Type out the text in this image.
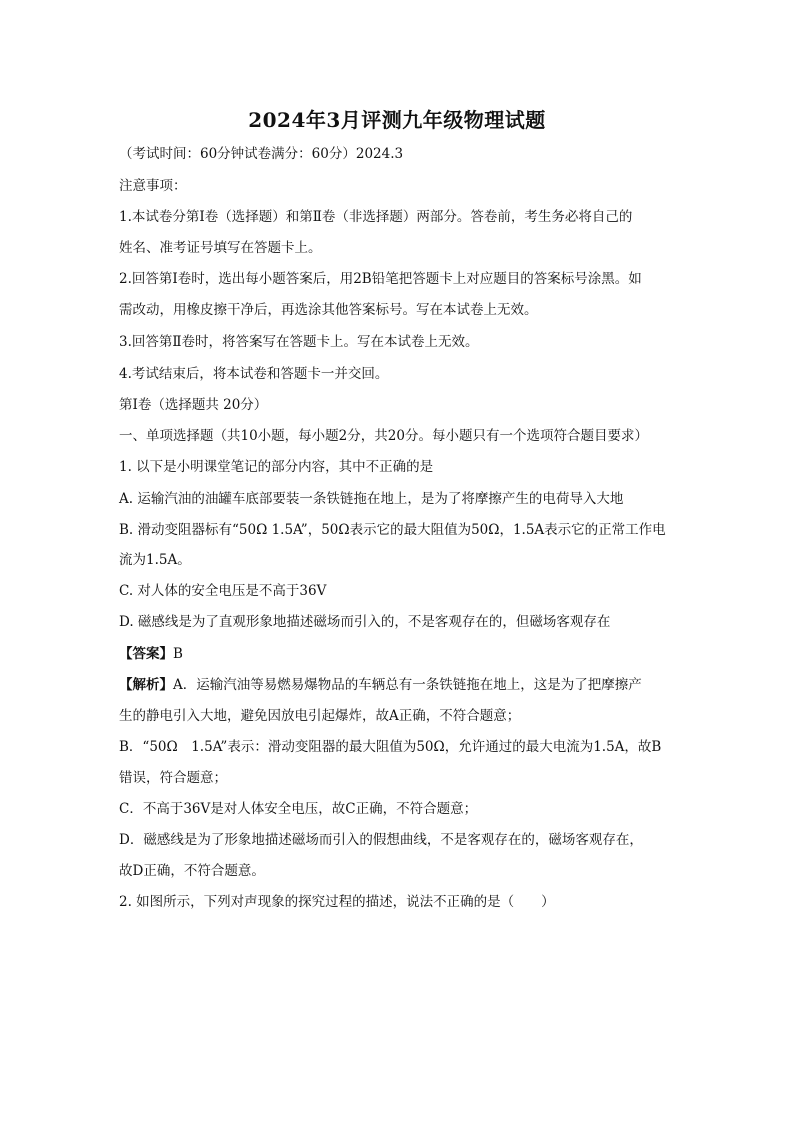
2024年3月评测九年级物理试题
（考试时间：60分钟试卷满分：60分）2024.3
注意事项：
1.本试卷分第Ⅰ卷（选择题）和第Ⅱ卷（非选择题）两部分。答卷前，考生务必将自己的
姓名、准考证号填写在答题卡上。
2.回答第Ⅰ卷时，选出每小题答案后，用2B铅笔把答题卡上对应题目的答案标号涂黑。如
需改动，用橡皮擦干净后，再选涂其他答案标号。写在本试卷上无效。
3.回答第Ⅱ卷时，将答案写在答题卡上。写在本试卷上无效。
4.考试结束后，将本试卷和答题卡一并交回。
第Ⅰ卷（选择题共 20分）
一、单项选择题（共10小题，每小题2分，共20分。每小题只有一个选项符合题目要求）
1. 以下是小明课堂笔记的部分内容，其中不正确的是
A. 运输汽油的油罐车底部要装一条铁链拖在地上，是为了将摩擦产生的电荷导入大地
B. 滑动变阻器标有“50Ω 1.5A”，50Ω表示它的最大阻值为50Ω，1.5A表示它的正常工作电
流为1.5A。
C. 对人体的安全电压是不高于36V
D. 磁感线是为了直观形象地描述磁场而引入的，不是客观存在的，但磁场客观存在
【答案】B
【解析】A．运输汽油等易燃易爆物品的车辆总有一条铁链拖在地上，这是为了把摩擦产
生的静电引入大地，避免因放电引起爆炸，故A正确，不符合题意；
B．“50Ω　1.5A”表示：滑动变阻器的最大阻值为50Ω，允许通过的最大电流为1.5A，故B
错误，符合题意；
C．不高于36V是对人体安全电压，故C正确，不符合题意；
D．磁感线是为了形象地描述磁场而引入的假想曲线，不是客观存在的，磁场客观存在，
故D正确，不符合题意。
2. 如图所示，下列对声现象的探究过程的描述，说法不正确的是（　　）
